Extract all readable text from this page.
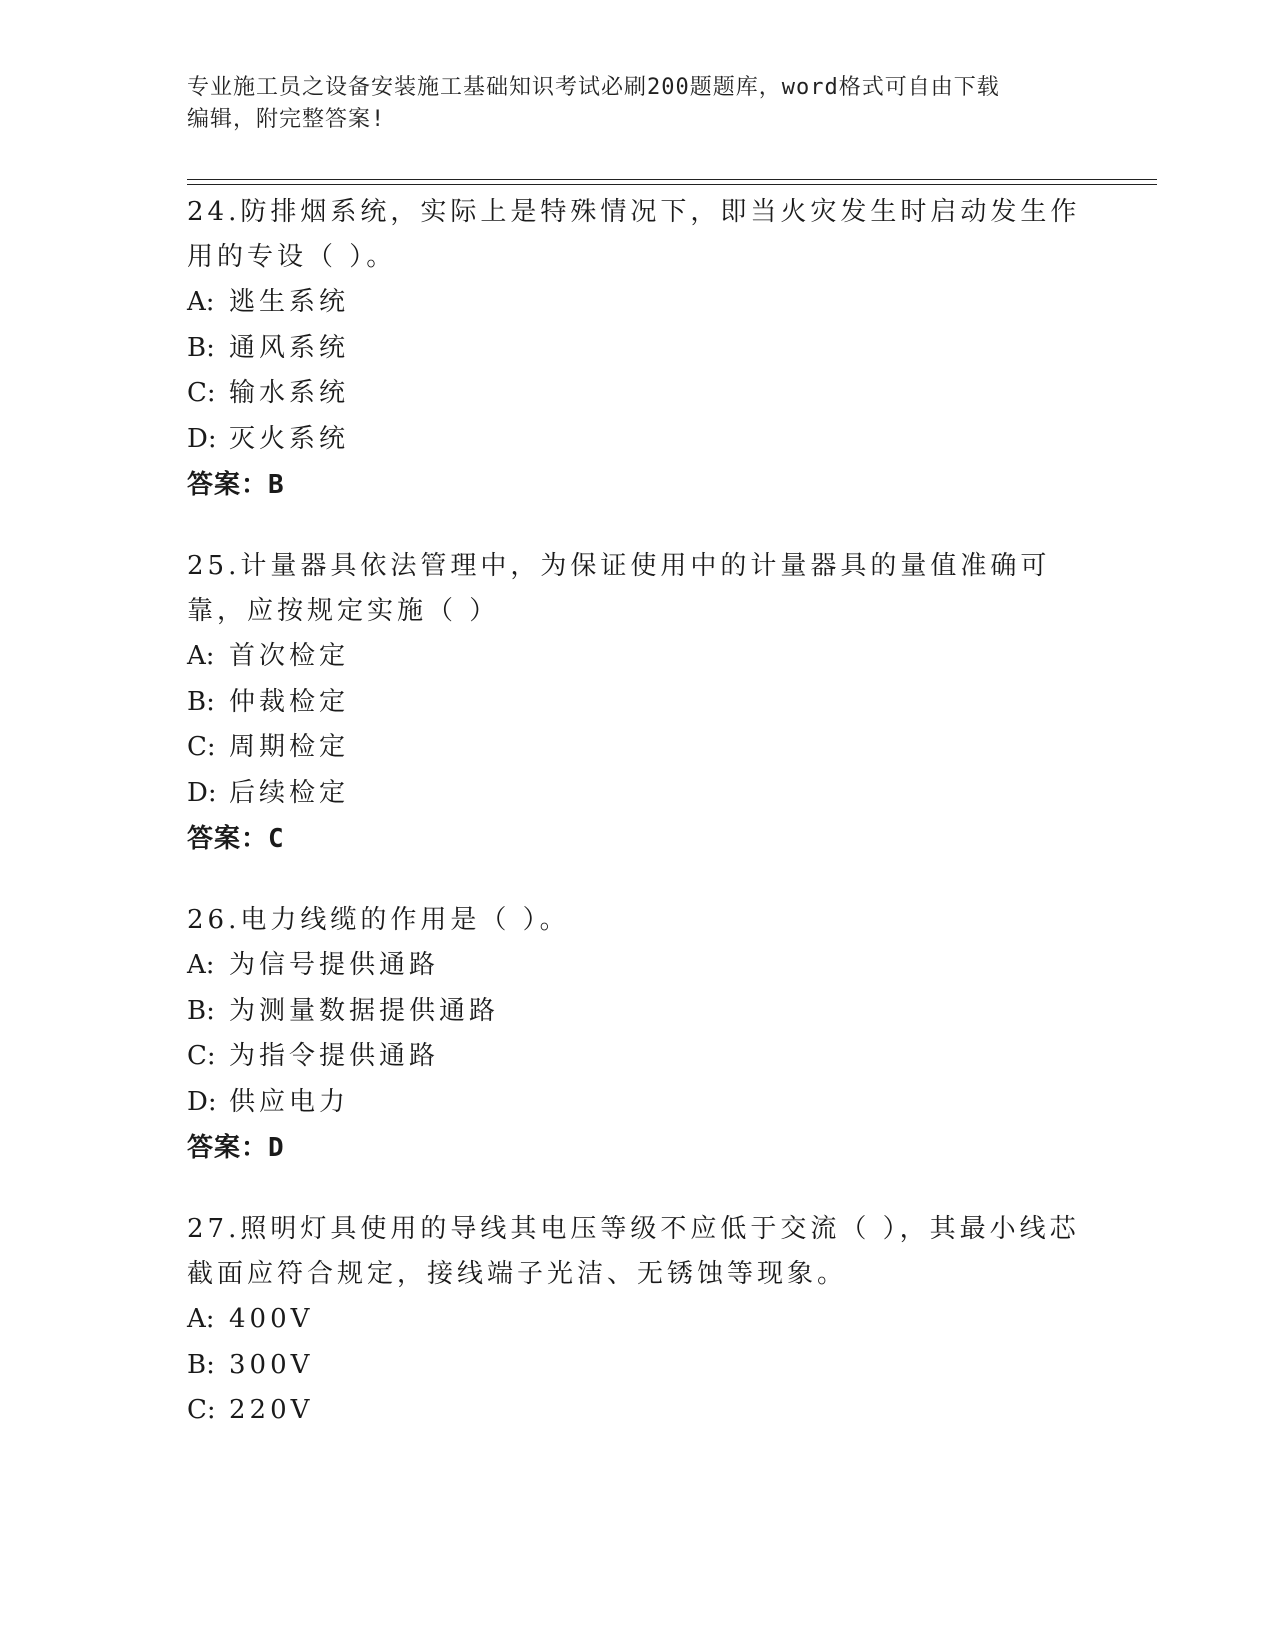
专业施工员之设备安装施工基础知识考试必刷200题题库，word格式可自由下载
编辑，附完整答案!
24.防排烟系统，实际上是特殊情况下，即当火灾发生时启动发生作用的专设（ ）。
A: 逃生系统
B: 通风系统
C: 输水系统
D: 灭火系统
答案：B
25.计量器具依法管理中，为保证使用中的计量器具的量值准确可靠，应按规定实施（ ）
A: 首次检定
B: 仲裁检定
C: 周期检定
D: 后续检定
答案：C
26.电力线缆的作用是（ ）。
A: 为信号提供通路
B: 为测量数据提供通路
C: 为指令提供通路
D: 供应电力
答案：D
27.照明灯具使用的导线其电压等级不应低于交流（ ），其最小线芯截面应符合规定，接线端子光洁、无锈蚀等现象。
A: 400V
B: 300V
C: 220V
